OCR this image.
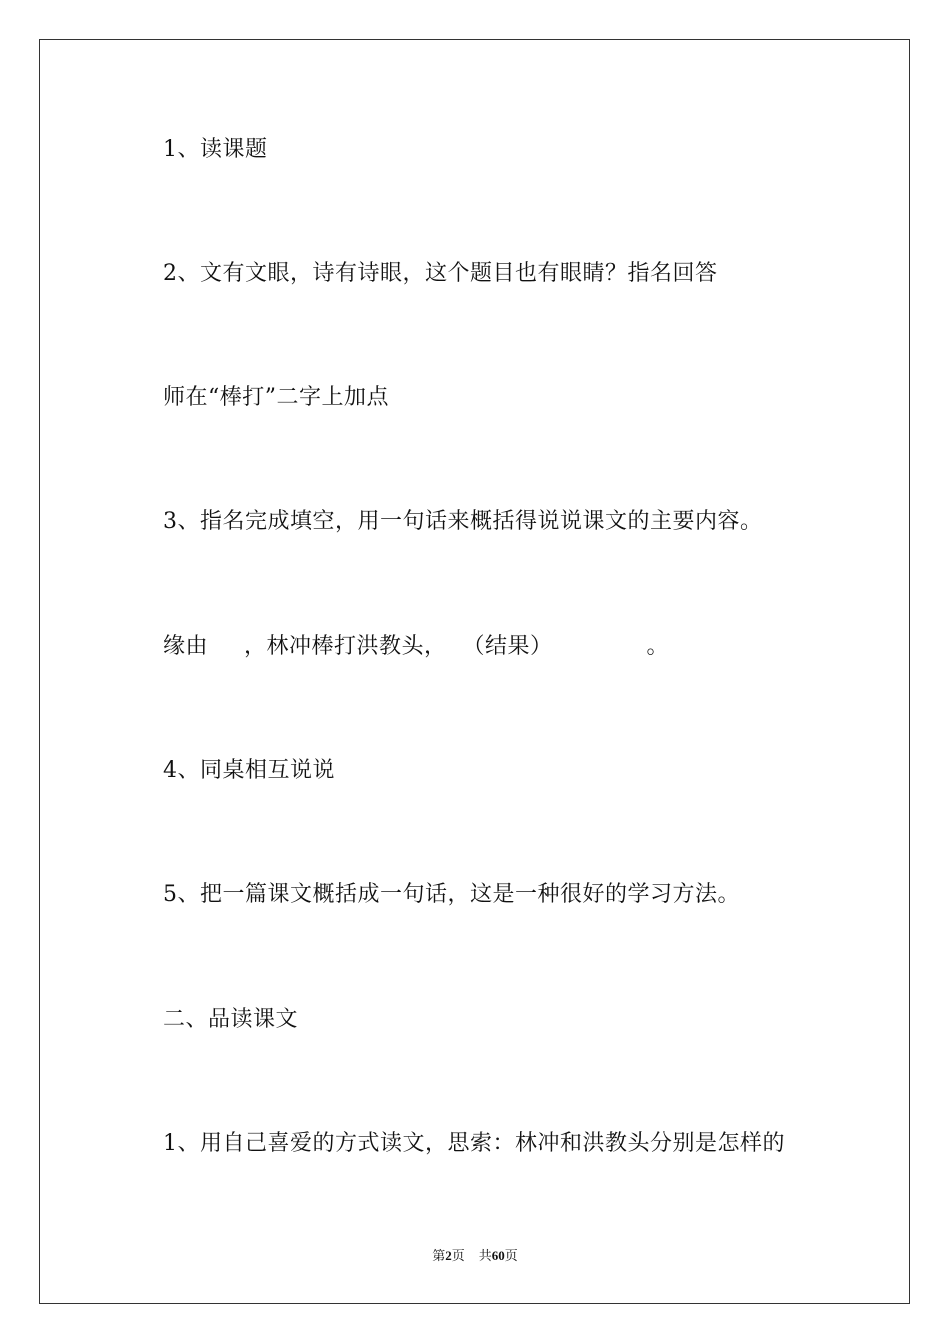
1、读课题
2、文有文眼，诗有诗眼，这个题目也有眼睛？指名回答
师在“棒打”二字上加点
3、指名完成填空，用一句话来概括得说说课文的主要内容。
缘由 ，林冲棒打洪教头， （结果）	。
4、同桌相互说说
5、把一篇课文概括成一句话，这是一种很好的学习方法。
二、品读课文
1、用自己喜爱的方式读文，思索：林冲和洪教头分别是怎样的
第2页 共60页
